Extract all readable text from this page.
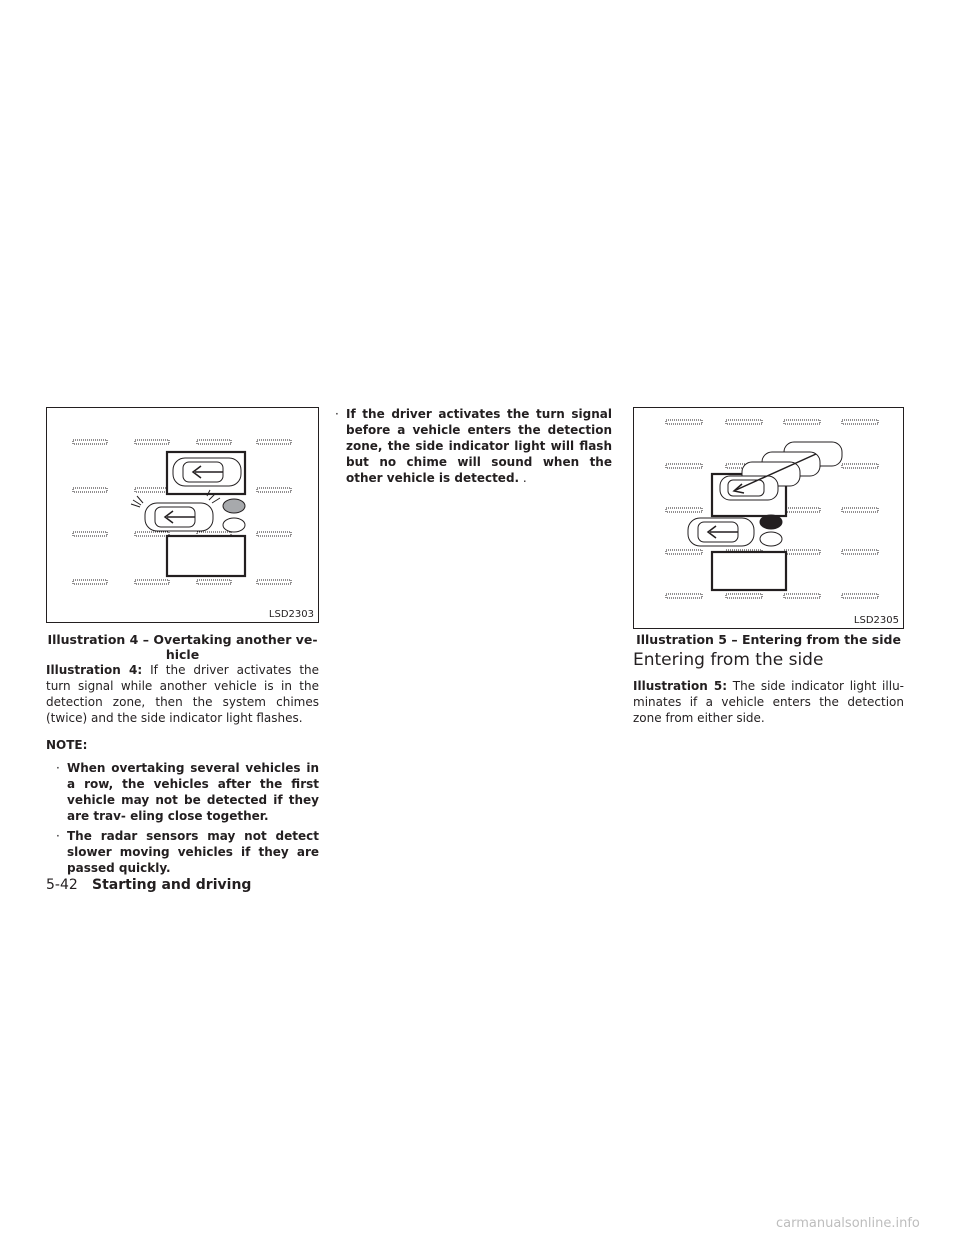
LSD2303
Illustration 4 – Overtaking another ve-
hicle
Illustration 4: If the driver activates the turn signal while another vehicle is in the detection zone, then the system chimes (twice) and the side indicator light flashes.
NOTE:
· When overtaking several vehicles in a row, the vehicles after the first vehicle may not be detected if they are trav- eling close together.
· The radar sensors may not detect slower moving vehicles if they are passed quickly.
· If the driver activates the turn signal before a vehicle enters the detection zone, the side indicator light will flash but no chime will sound when the other vehicle is detected. .
LSD2305
Illustration 5 – Entering from the side
Entering from the side
Illustration 5: The side indicator light illu- minates if a vehicle enters the detection zone from either side.
5-42 Starting and driving
carmanualsonline.info
